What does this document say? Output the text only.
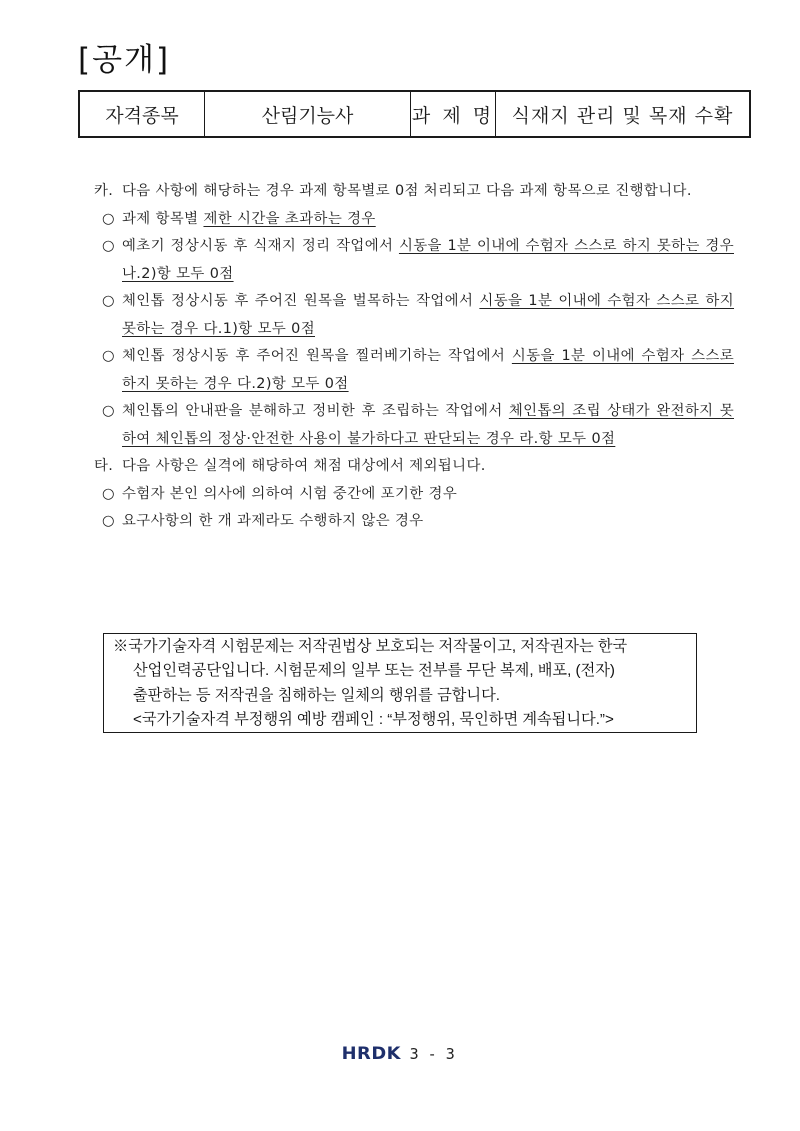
[공개]
자격종목	산림기능사	과 제 명 식재지 관리 및 목재 수확
카. 다음 사항에 해당하는 경우 과제 항목별로 0점 처리되고 다음 과제 항목으로 진행합니다.
○ 과제 항목별 제한 시간을 초과하는 경우
○ 예초기 정상시동 후 식재지 정리 작업에서 시동을 1분 이내에 수험자 스스로 하지 못하는 경우 나.2)항 모두 0점
○ 체인톱 정상시동 후 주어진 원목을 벌목하는 작업에서 시동을 1분 이내에 수험자 스스로 하지 못하는 경우 다.1)항 모두 0점
○ 체인톱 정상시동 후 주어진 원목을 찔러베기하는 작업에서 시동을 1분 이내에 수험자 스스로 하지 못하는 경우 다.2)항 모두 0점
○ 체인톱의 안내판을 분해하고 정비한 후 조립하는 작업에서 체인톱의 조립 상태가 완전하지 못하여 체인톱의 정상·안전한 사용이 불가하다고 판단되는 경우 라.항 모두 0점
타. 다음 사항은 실격에 해당하여 채점 대상에서 제외됩니다.
○ 수험자 본인 의사에 의하여 시험 중간에 포기한 경우
○ 요구사항의 한 개 과제라도 수행하지 않은 경우

※국가기술자격 시험문제는 저작권법상 보호되는 저작물이고, 저작권자는 한국

산업인력공단입니다. 시험문제의 일부 또는 전부를 무단 복제, 배포, (전자)

출판하는 등 저작권을 침해하는 일체의 행위를 금합니다.

<국가기술자격 부정행위 예방 캠페인 : “부정행위, 묵인하면 계속됩니다.”>

HRDK 3 - 3
